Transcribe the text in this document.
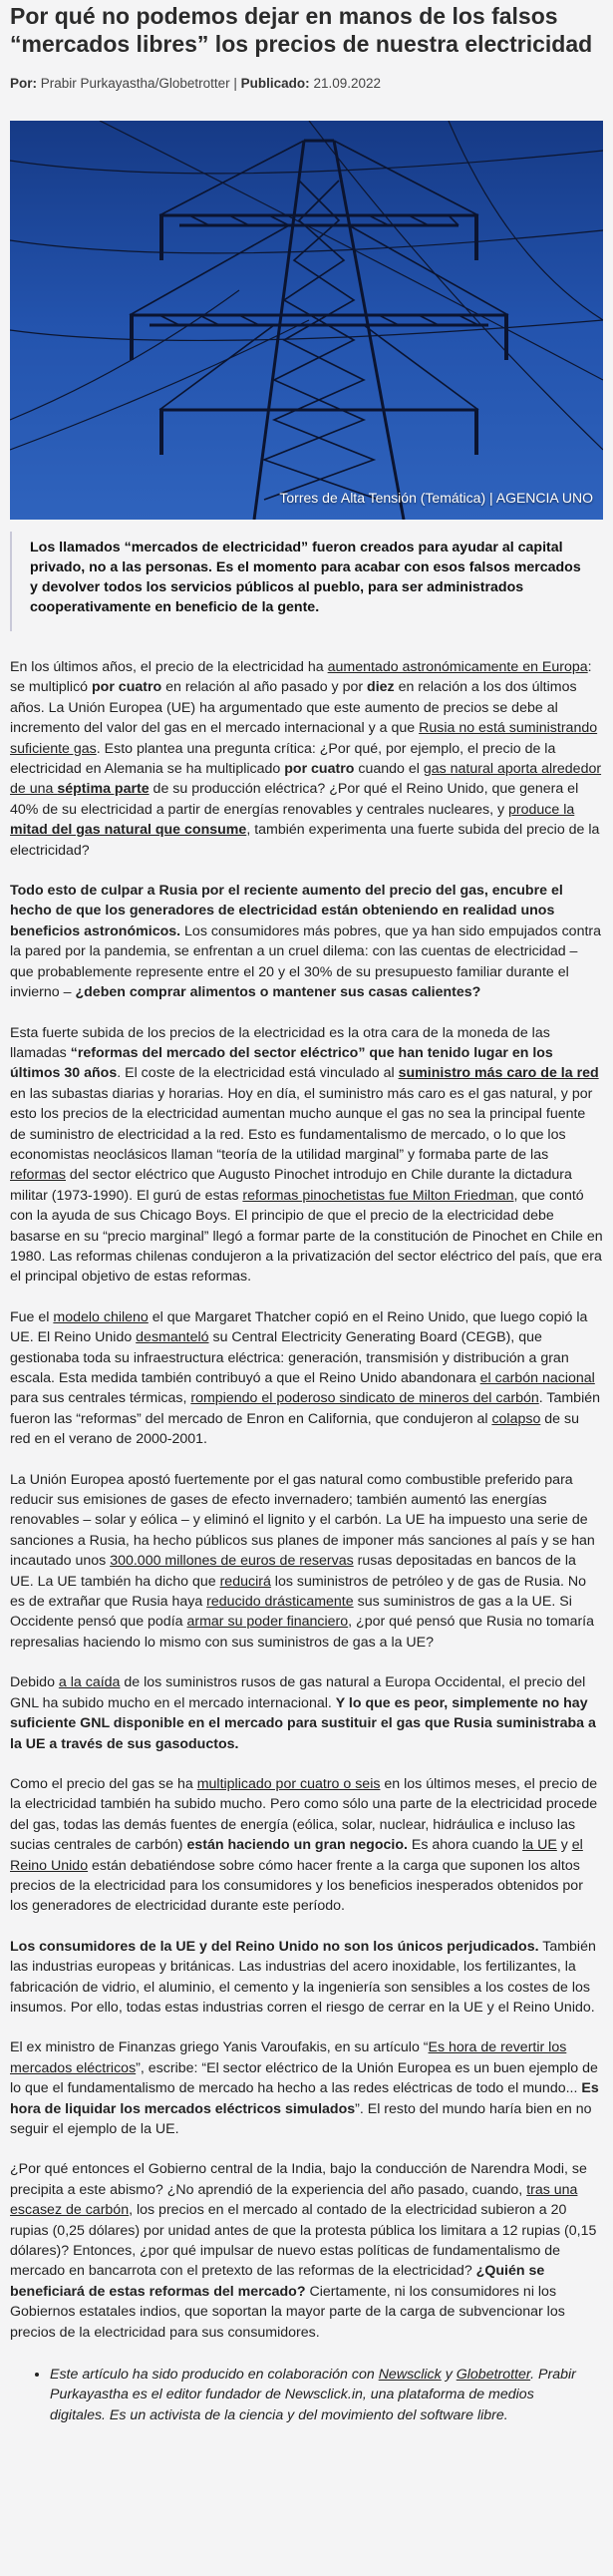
Por qué no podemos dejar en manos de los falsos “mercados libres” los precios de nuestra electricidad
Por: Prabir Purkayastha/Globetrotter | Publicado: 21.09.2022
Torres de Alta Tensión (Temática) | AGENCIA UNO
Los llamados “mercados de electricidad” fueron creados para ayudar al capital privado, no a las personas. Es el momento para acabar con esos falsos mercados y devolver todos los servicios públicos al pueblo, para ser administrados cooperativamente en beneficio de la gente.

En los últimos años, el precio de la electricidad ha aumentado astronómicamente en Europa: se multiplicó por cuatro en relación al año pasado y por diez en relación a los dos últimos años. La Unión Europea (UE) ha argumentado que este aumento de precios se debe al incremento del valor del gas en el mercado internacional y a que Rusia no está suministrando suficiente gas. Esto plantea una pregunta crítica: ¿Por qué, por ejemplo, el precio de la electricidad en Alemania se ha multiplicado por cuatro cuando el gas natural aporta alrededor de una séptima parte de su producción eléctrica? ¿Por qué el Reino Unido, que genera el 40% de su electricidad a partir de energías renovables y centrales nucleares, y produce la mitad del gas natural que consume, también experimenta una fuerte subida del precio de la electricidad?

Todo esto de culpar a Rusia por el reciente aumento del precio del gas, encubre el hecho de que los generadores de electricidad están obteniendo en realidad unos beneficios astronómicos. Los consumidores más pobres, que ya han sido empujados contra la pared por la pandemia, se enfrentan a un cruel dilema: con las cuentas de electricidad – que probablemente represente entre el 20 y el 30% de su presupuesto familiar durante el invierno – ¿deben comprar alimentos o mantener sus casas calientes?

Esta fuerte subida de los precios de la electricidad es la otra cara de la moneda de las llamadas “reformas del mercado del sector eléctrico” que han tenido lugar en los últimos 30 años. El coste de la electricidad está vinculado al suministro más caro de la red en las subastas diarias y horarias. Hoy en día, el suministro más caro es el gas natural, y por esto los precios de la electricidad aumentan mucho aunque el gas no sea la principal fuente de suministro de electricidad a la red. Esto es fundamentalismo de mercado, o lo que los economistas neoclásicos llaman “teoría de la utilidad marginal” y formaba parte de las reformas del sector eléctrico que Augusto Pinochet introdujo en Chile durante la dictadura militar (1973-1990). El gurú de estas reformas pinochetistas fue Milton Friedman, que contó con la ayuda de sus Chicago Boys. El principio de que el precio de la electricidad debe basarse en su “precio marginal” llegó a formar parte de la constitución de Pinochet en Chile en 1980. Las reformas chilenas condujeron a la privatización del sector eléctrico del país, que era el principal objetivo de estas reformas.

Fue el modelo chileno el que Margaret Thatcher copió en el Reino Unido, que luego copió la UE. El Reino Unido desmanteló su Central Electricity Generating Board (CEGB), que gestionaba toda su infraestructura eléctrica: generación, transmisión y distribución a gran escala. Esta medida también contribuyó a que el Reino Unido abandonara el carbón nacional para sus centrales térmicas, rompiendo el poderoso sindicato de mineros del carbón. También fueron las “reformas” del mercado de Enron en California, que condujeron al colapso de su red en el verano de 2000-2001.

La Unión Europea apostó fuertemente por el gas natural como combustible preferido para reducir sus emisiones de gases de efecto invernadero; también aumentó las energías renovables – solar y eólica – y eliminó el lignito y el carbón. La UE ha impuesto una serie de sanciones a Rusia, ha hecho públicos sus planes de imponer más sanciones al país y se han incautado unos 300.000 millones de euros de reservas rusas depositadas en bancos de la UE. La UE también ha dicho que reducirá los suministros de petróleo y de gas de Rusia. No es de extrañar que Rusia haya reducido drásticamente sus suministros de gas a la UE. Si Occidente pensó que podía armar su poder financiero, ¿por qué pensó que Rusia no tomaría represalias haciendo lo mismo con sus suministros de gas a la UE?

Debido a la caída de los suministros rusos de gas natural a Europa Occidental, el precio del GNL ha subido mucho en el mercado internacional. Y lo que es peor, simplemente no hay suficiente GNL disponible en el mercado para sustituir el gas que Rusia suministraba a la UE a través de sus gasoductos.

Como el precio del gas se ha multiplicado por cuatro o seis en los últimos meses, el precio de la electricidad también ha subido mucho. Pero como sólo una parte de la electricidad procede del gas, todas las demás fuentes de energía (eólica, solar, nuclear, hidráulica e incluso las sucias centrales de carbón) están haciendo un gran negocio. Es ahora cuando la UE y el Reino Unido están debatiéndose sobre cómo hacer frente a la carga que suponen los altos precios de la electricidad para los consumidores y los beneficios inesperados obtenidos por los generadores de electricidad durante este período.

Los consumidores de la UE y del Reino Unido no son los únicos perjudicados. También las industrias europeas y británicas. Las industrias del acero inoxidable, los fertilizantes, la fabricación de vidrio, el aluminio, el cemento y la ingeniería son sensibles a los costes de los insumos. Por ello, todas estas industrias corren el riesgo de cerrar en la UE y el Reino Unido.

El ex ministro de Finanzas griego Yanis Varoufakis, en su artículo “Es hora de revertir los mercados eléctricos”, escribe: “El sector eléctrico de la Unión Europea es un buen ejemplo de lo que el fundamentalismo de mercado ha hecho a las redes eléctricas de todo el mundo... Es hora de liquidar los mercados eléctricos simulados”. El resto del mundo haría bien en no seguir el ejemplo de la UE.

¿Por qué entonces el Gobierno central de la India, bajo la conducción de Narendra Modi, se precipita a este abismo? ¿No aprendió de la experiencia del año pasado, cuando, tras una escasez de carbón, los precios en el mercado al contado de la electricidad subieron a 20 rupias (0,25 dólares) por unidad antes de que la protesta pública los limitara a 12 rupias (0,15 dólares)? Entonces, ¿por qué impulsar de nuevo estas políticas de fundamentalismo de mercado en bancarrota con el pretexto de las reformas de la electricidad? ¿Quién se beneficiará de estas reformas del mercado? Ciertamente, ni los consumidores ni los Gobiernos estatales indios, que soportan la mayor parte de la carga de subvencionar los precios de la electricidad para sus consumidores.

• Este artículo ha sido producido en colaboración con Newsclick y Globetrotter. Prabir Purkayastha es el editor fundador de Newsclick.in, una plataforma de medios digitales. Es un activista de la ciencia y del movimiento del software libre.
